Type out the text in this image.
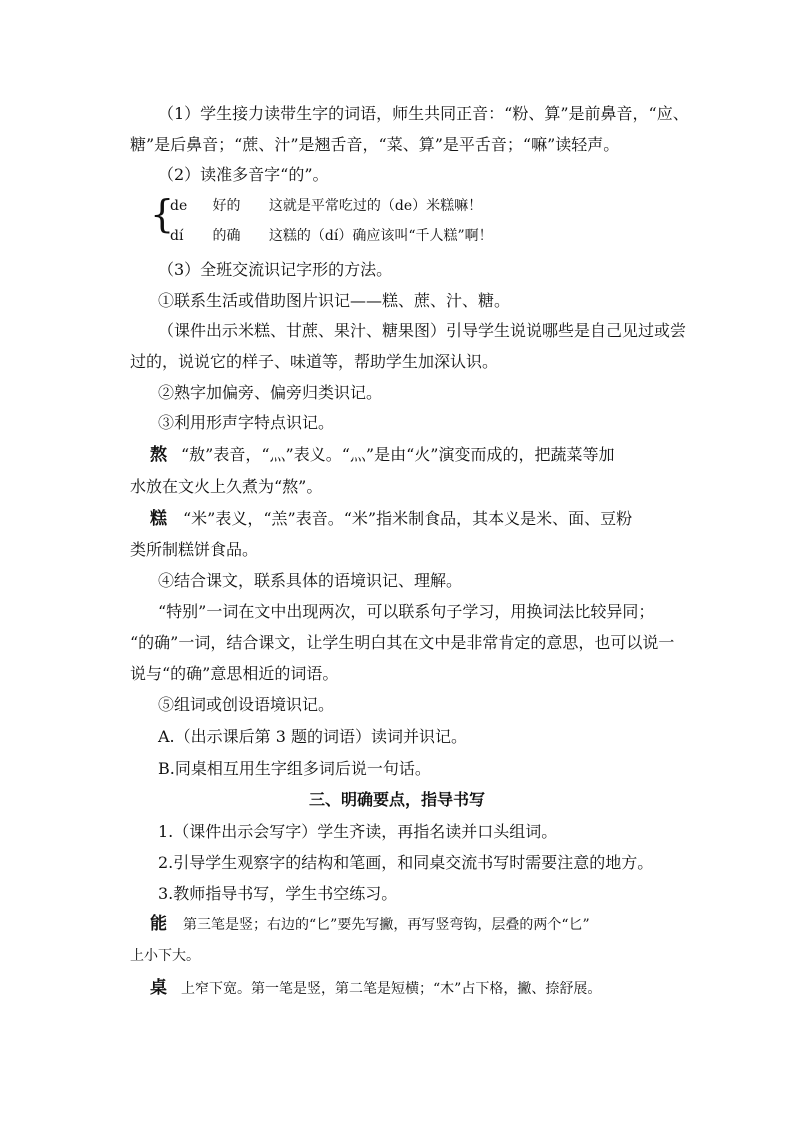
（1）学生接力读带生字的词语，师生共同正音：“粉、算”是前鼻音，“应、
糖”是后鼻音；“蔗、汁”是翘舌音，“菜、算”是平舌音；“嘛”读轻声。
（2）读准多音字“的”。
{
de 好的 这就是平常吃过的（de）米糕嘛！
dí 的确 这糕的（dí）确应该叫“千人糕”啊！
（3）全班交流识记字形的方法。
①联系生活或借助图片识记——糕、蔗、汁、糖。
（课件出示米糕、甘蔗、果汁、糖果图）引导学生说说哪些是自己见过或尝
过的，说说它的样子、味道等，帮助学生加深认识。
②熟字加偏旁、偏旁归类识记。
③利用形声字特点识记。
熬 “敖”表音，“灬”表义。“灬”是由“火”演变而成的，把蔬菜等加
水放在文火上久煮为“熬”。
糕 “米”表义，“羔”表音。“米”指米制食品，其本义是米、面、豆粉
类所制糕饼食品。
④结合课文，联系具体的语境识记、理解。
“特别”一词在文中出现两次，可以联系句子学习，用换词法比较异同；
“的确”一词，结合课文，让学生明白其在文中是非常肯定的意思，也可以说一
说与“的确”意思相近的词语。
⑤组词或创设语境识记。
A.（出示课后第 3 题的词语）读词并识记。
B.同桌相互用生字组多词后说一句话。
三、明确要点，指导书写
1.（课件出示会写字）学生齐读，再指名读并口头组词。
2.引导学生观察字的结构和笔画，和同桌交流书写时需要注意的地方。
3.教师指导书写，学生书空练习。
能 第三笔是竖；右边的“匕”要先写撇，再写竖弯钩，层叠的两个“匕”
上小下大。
桌 上窄下宽。第一笔是竖，第二笔是短横；“木”占下格，撇、捺舒展。
